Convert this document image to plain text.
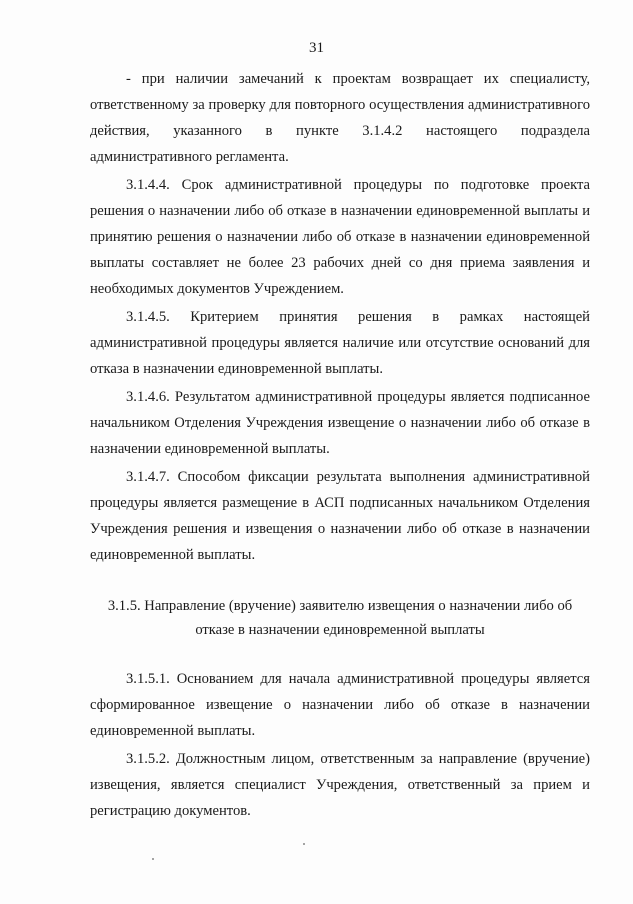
31

- при наличии замечаний к проектам возвращает их специалисту, ответственному за проверку для повторного осуществления административного действия, указанного в пункте 3.1.4.2 настоящего подраздела административного регламента.

3.1.4.4. Срок административной процедуры по подготовке проекта решения о назначении либо об отказе в назначении единовременной выплаты и принятию решения о назначении либо об отказе в назначении единовременной выплаты составляет не более 23 рабочих дней со дня приема заявления и необходимых документов Учреждением.

3.1.4.5. Критерием принятия решения в рамках настоящей административной процедуры является наличие или отсутствие оснований для отказа в назначении единовременной выплаты.

3.1.4.6. Результатом административной процедуры является подписанное начальником Отделения Учреждения извещение о назначении либо об отказе в назначении единовременной выплаты.

3.1.4.7. Способом фиксации результата выполнения административной процедуры является размещение в АСП подписанных начальником Отделения Учреждения решения и извещения о назначении либо об отказе в назначении единовременной выплаты.

3.1.5. Направление (вручение) заявителю извещения о назначении либо об отказе в назначении единовременной выплаты

3.1.5.1. Основанием для начала административной процедуры является сформированное извещение о назначении либо об отказе в назначении единовременной выплаты.

3.1.5.2. Должностным лицом, ответственным за направление (вручение) извещения, является специалист Учреждения, ответственный за прием и регистрацию документов.
